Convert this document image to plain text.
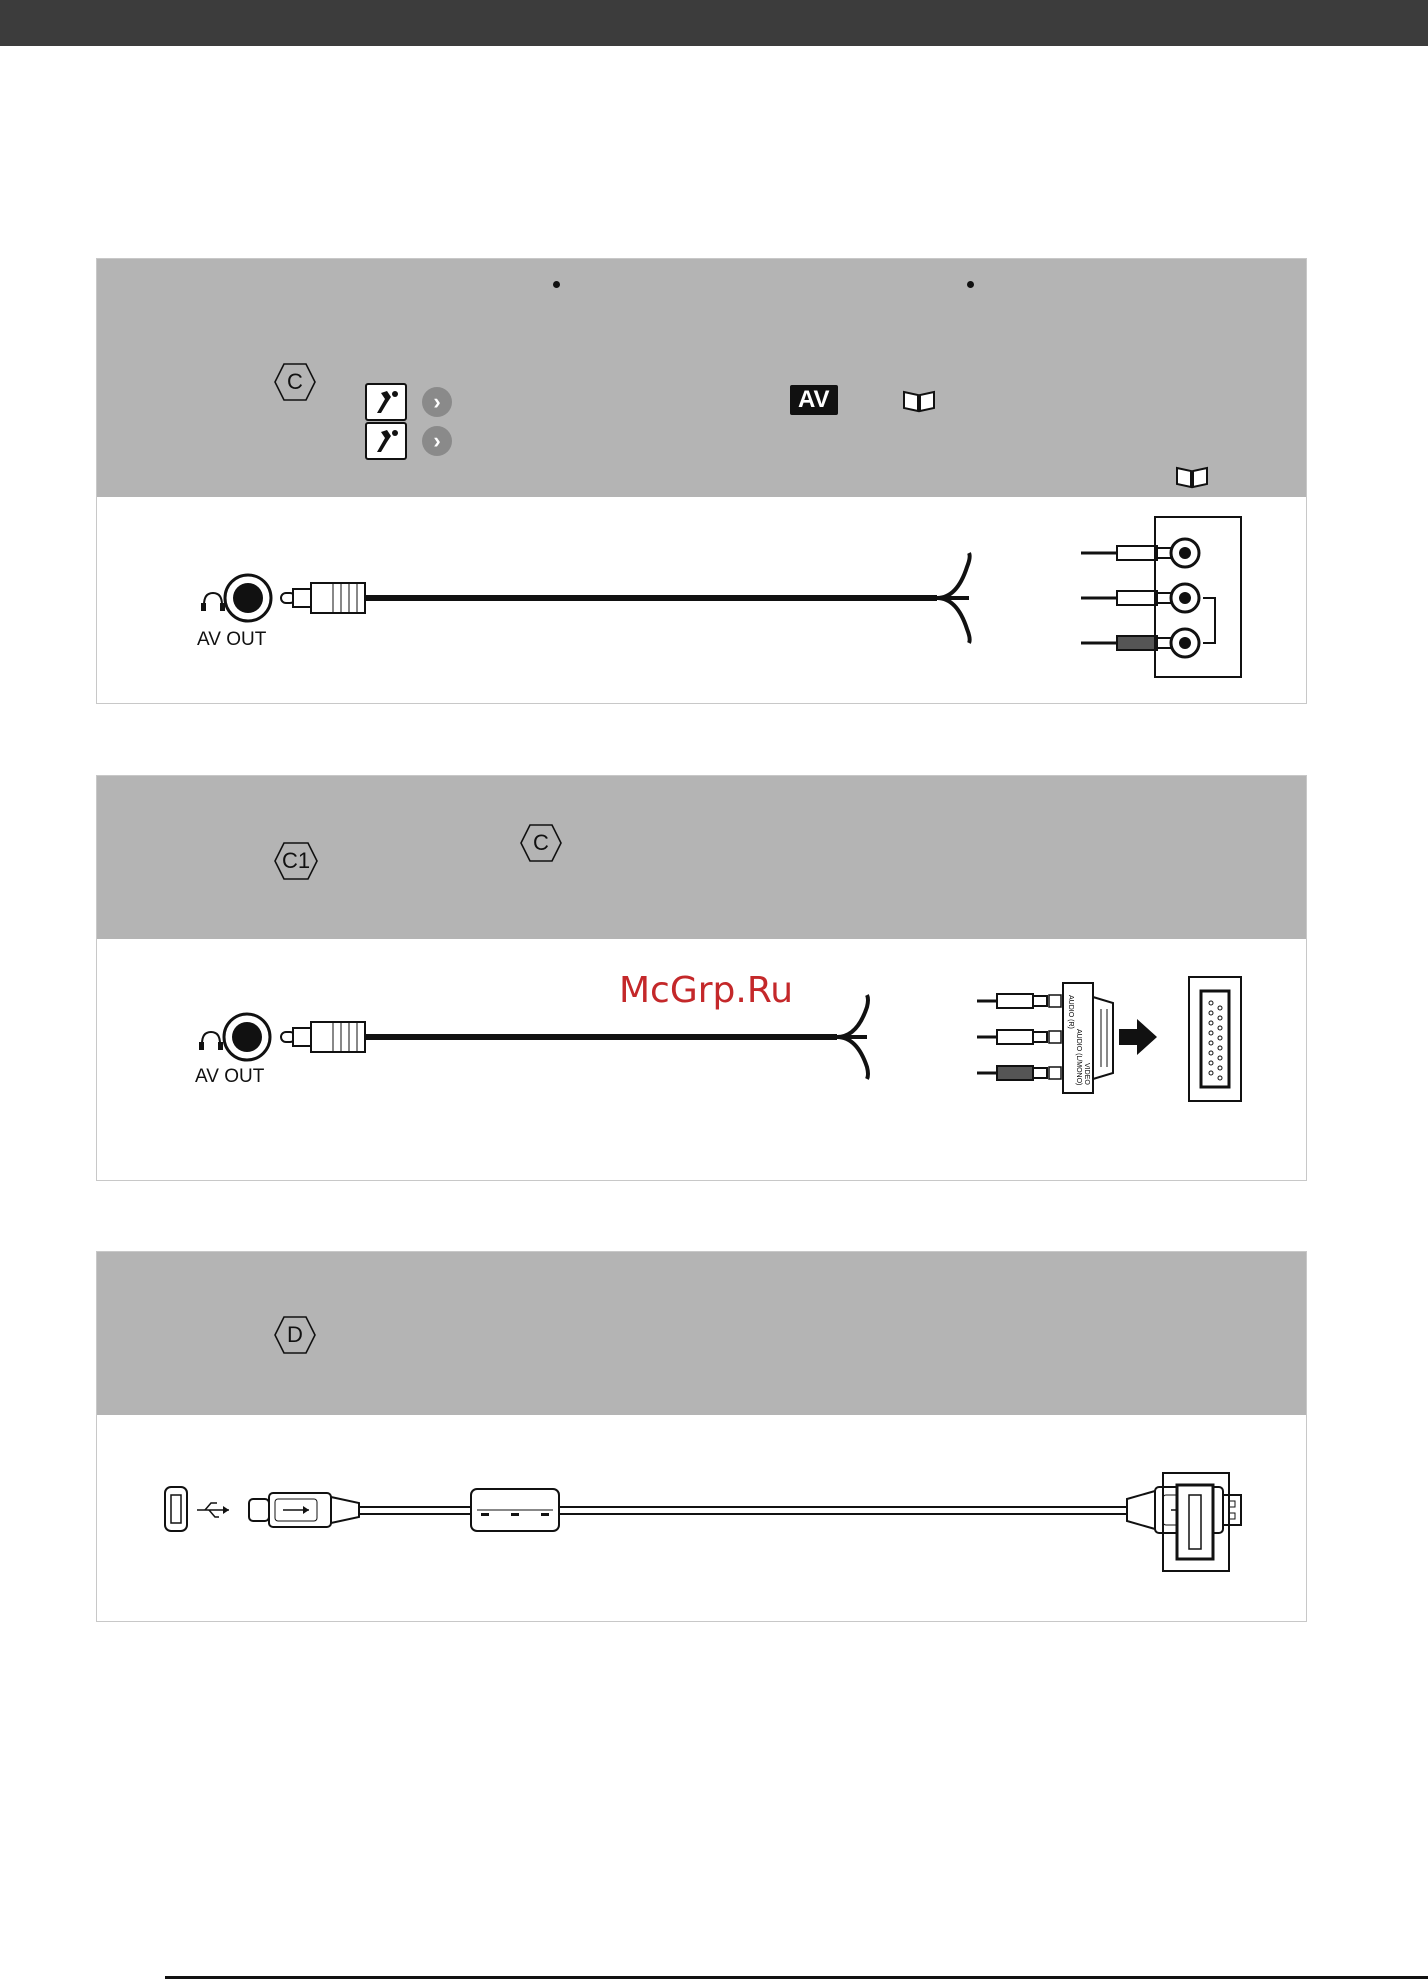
C
›
›
AV
AV OUT
C1
C
McGrp.Ru
AUDIO (R)
AUDIO (L/MONO) VIDEO
AV OUT
D
